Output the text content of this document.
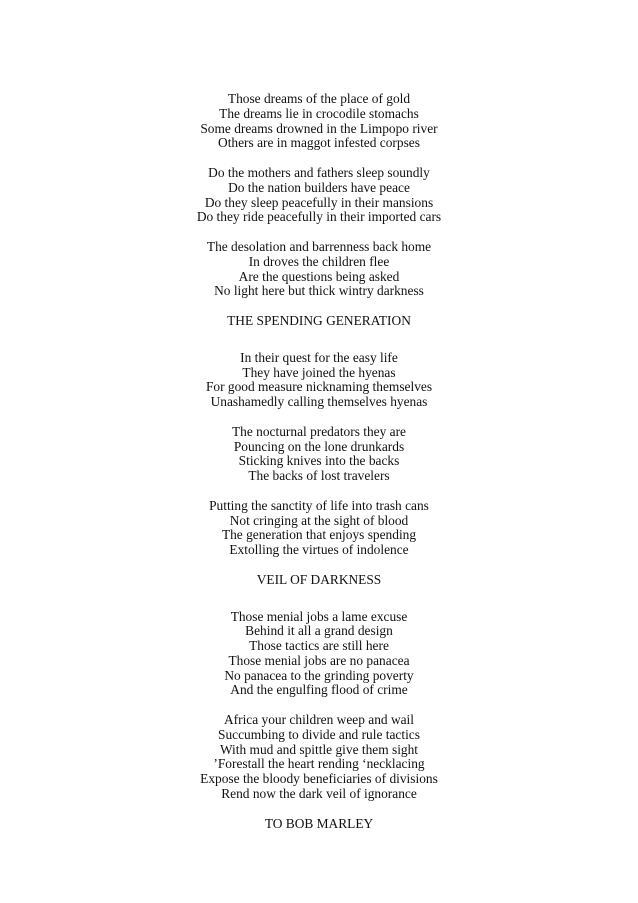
Those dreams of the place of gold
The dreams lie in crocodile stomachs
Some dreams drowned in the Limpopo river
Others are in maggot infested corpses
Do the mothers and fathers sleep soundly
Do the nation builders have peace
Do they sleep peacefully in their mansions
Do they ride peacefully in their imported cars
The desolation and barrenness back home
In droves the children flee
Are the questions being asked
No light here but thick wintry darkness
THE SPENDING GENERATION
In their quest for the easy life
They have joined the hyenas
For good measure nicknaming themselves
Unashamedly calling themselves hyenas
The nocturnal predators they are
Pouncing on the lone drunkards
Sticking knives into the backs
The backs of lost travelers
Putting the sanctity of life into trash cans
Not cringing at the sight of blood
The generation that enjoys spending
Extolling the virtues of indolence
VEIL OF DARKNESS
Those menial jobs a lame excuse
Behind it all a grand design
Those tactics are still here
Those menial jobs are no panacea
No panacea to the grinding poverty
And the engulfing flood of crime
Africa your children weep and wail
Succumbing to divide and rule tactics
With mud and spittle give them sight
’Forestall the heart rending ‘necklacing
Expose the bloody beneficiaries of divisions
Rend now the dark veil of ignorance
TO BOB MARLEY
